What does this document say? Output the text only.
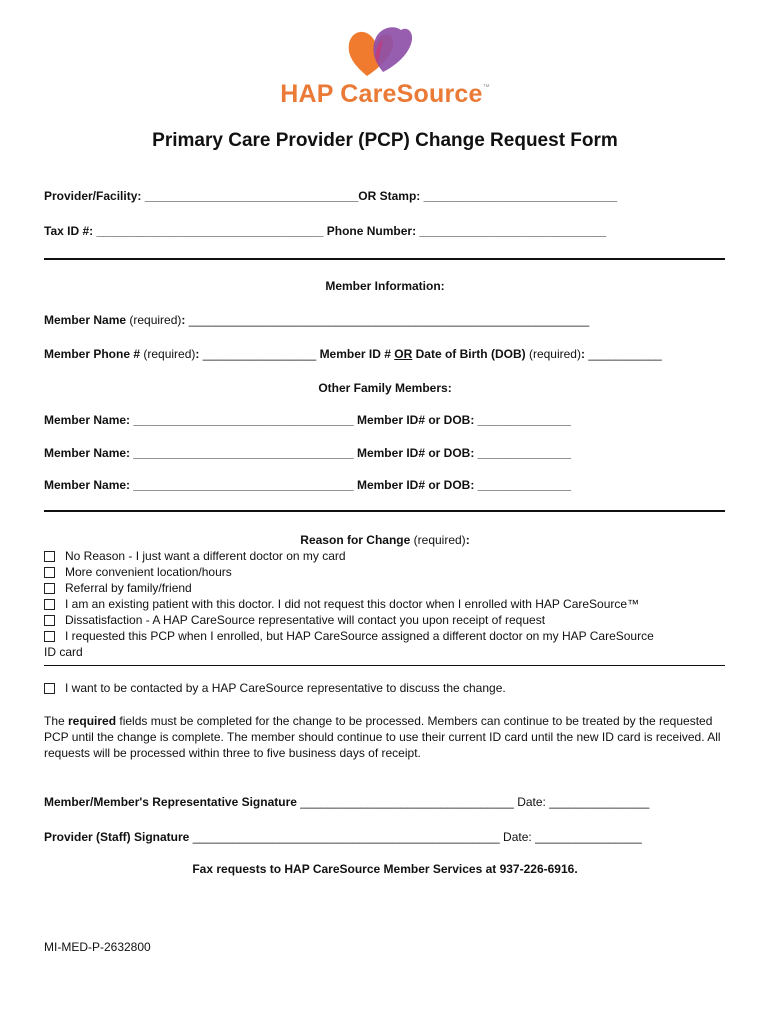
HAP CareSource™
Primary Care Provider (PCP) Change Request Form
Provider/Facility: ________________________________OR Stamp: _____________________________
Tax ID #: __________________________________ Phone Number: ____________________________
Member Information:
Member Name (required): ____________________________________________________________
Member Phone # (required): _________________ Member ID # OR Date of Birth (DOB) (required): ___________
Other Family Members:
Member Name: _________________________________ Member ID# or DOB: ______________
Member Name: _________________________________ Member ID# or DOB: ______________
Member Name: _________________________________ Member ID# or DOB: ______________
Reason for Change (required):
No Reason - I just want a different doctor on my card
More convenient location/hours
Referral by family/friend
I am an existing patient with this doctor. I did not request this doctor when I enrolled with HAP CareSource™
Dissatisfaction - A HAP CareSource representative will contact you upon receipt of request
I requested this PCP when I enrolled, but HAP CareSource assigned a different doctor on my HAP CareSource
ID card
I want to be contacted by a HAP CareSource representative to discuss the change.
The required fields must be completed for the change to be processed. Members can continue to be treated by the requested PCP until the change is complete. The member should continue to use their current ID card until the new ID card is received. All requests will be processed within three to five business days of receipt.
Member/Member's Representative Signature ________________________________ Date: _______________
Provider (Staff) Signature ______________________________________________ Date: ________________
Fax requests to HAP CareSource Member Services at 937-226-6916.
MI-MED-P-2632800
